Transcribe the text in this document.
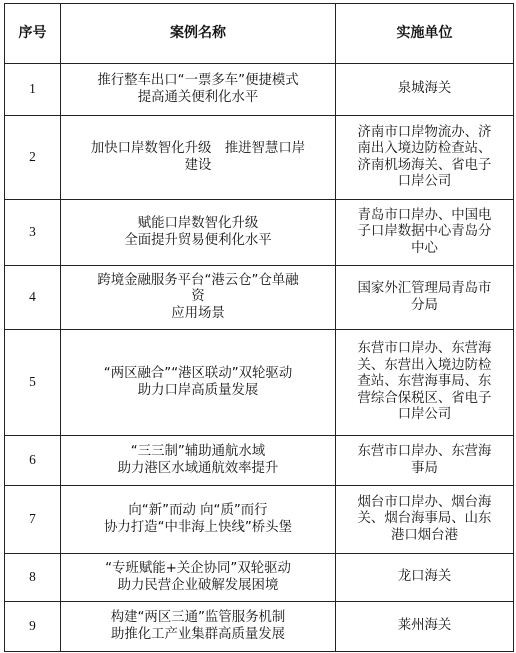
序号	案例名称	实施单位
1	推行整车出口“一票多车”便捷模式
提高通关便利化水平	泉城海关

2	加快口岸数智化升级　推进智慧口岸
建设	济南市口岸物流办、济
南出入境边防检查站、
济南机场海关、省电子
口岸公司

3	赋能口岸数智化升级
全面提升贸易便利化水平	青岛市口岸办、中国电
子口岸数据中心青岛分
中心

4	跨境金融服务平台“港云仓”仓单融
资
应用场景	国家外汇管理局青岛市
分局

5	“两区融合”“港区联动”双轮驱动
助力口岸高质量发展	东营市口岸办、东营海
关、东营出入境边防检
查站、东营海事局、东
营综合保税区、省电子
口岸公司

6	“三三制”辅助通航水域
助力港区水域通航效率提升	东营市口岸办、东营海
事局

7	向“新”而动 向“质”而行
协力打造“中非海上快线”桥头堡	烟台市口岸办、烟台海
关、烟台海事局、山东
港口烟台港

8	“专班赋能+关企协同”双轮驱动
助力民营企业破解发展困境	龙口海关

9	构建“两区三通”监管服务机制
助推化工产业集群高质量发展	莱州海关
